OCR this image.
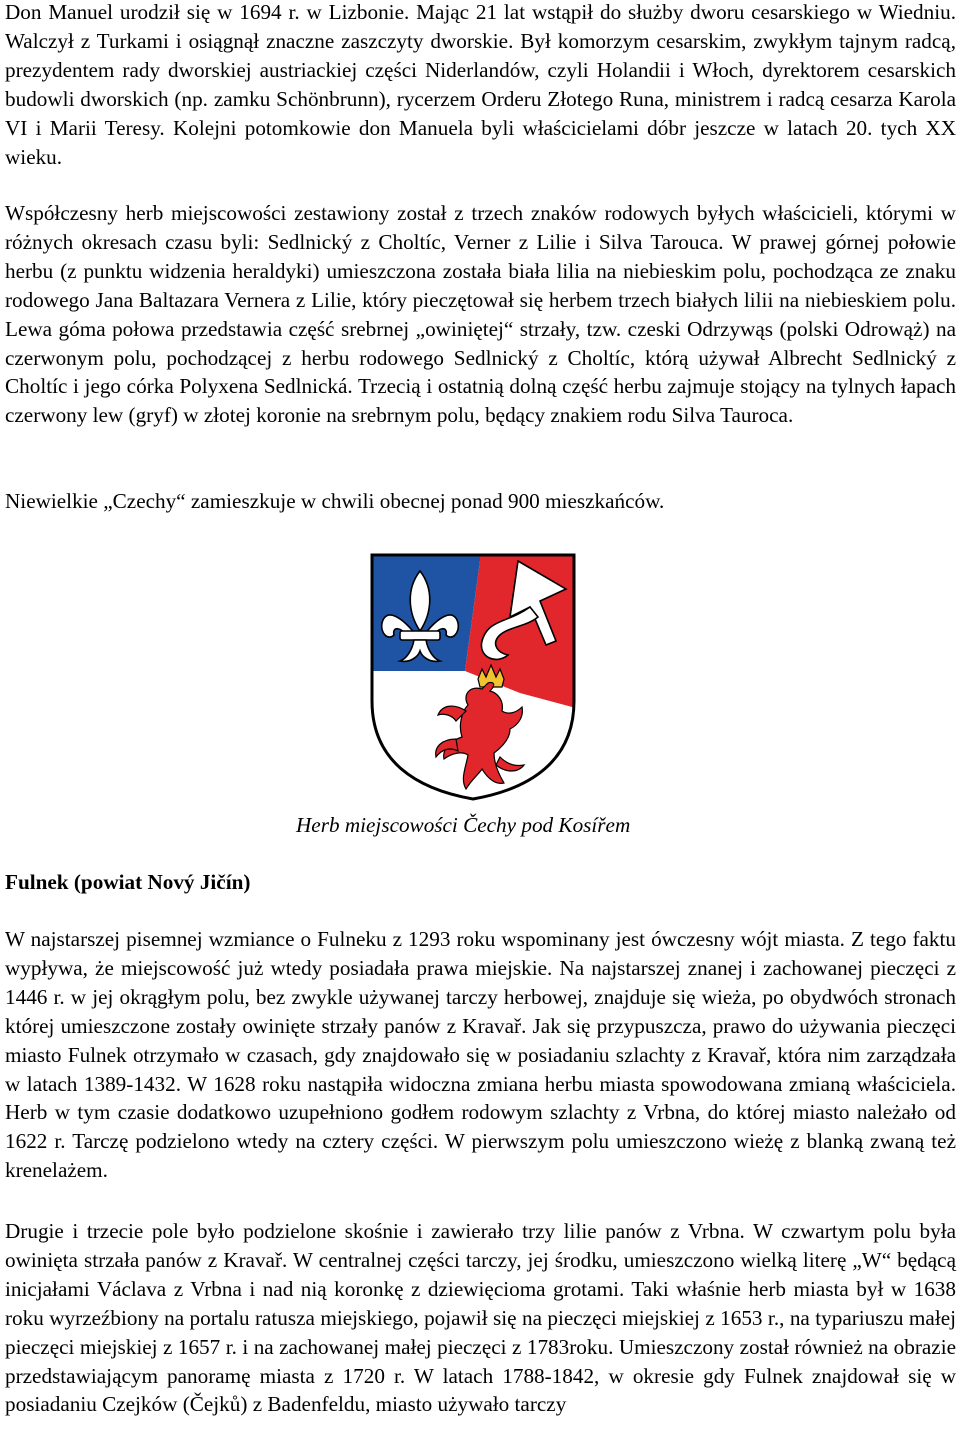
Don Manuel urodził się w 1694 r. w Lizbonie. Mając 21 lat wstąpił do służby dworu cesarskiego w Wiedniu. Walczył z Turkami i osiągnął znaczne zaszczyty dworskie. Był komorzym cesarskim, zwykłym tajnym radcą, prezydentem rady dworskiej austriackiej części Niderlandów, czyli Holandii i Włoch, dyrektorem cesarskich budowli dworskich (np. zamku Schönbrunn), rycerzem Orderu Złotego Runa, ministrem i radcą cesarza Karola VI i Marii Teresy. Kolejni potomkowie don Manuela byli właścicielami dóbr jeszcze w latach 20. tych XX wieku.

Współczesny herb miejscowości zestawiony został z trzech znaków rodowych byłych właścicieli, którymi w różnych okresach czasu byli: Sedlnický z Choltíc, Verner z Lilie i Silva Tarouca. W prawej górnej połowie herbu (z punktu widzenia heraldyki) umieszczona została biała lilia na niebieskim polu, pochodząca ze znaku rodowego Jana Baltazara Vernera z Lilie, który pieczętował się herbem trzech białych lilii na niebieskiem polu. Lewa góma połowa przedstawia część srebrnej „owiniętej“ strzały, tzw. czeski Odrzywąs (polski Odrowąż) na czerwonym polu, pochodzącej z herbu rodowego Sedlnický z Choltíc, którą używał Albrecht Sedlnický z Choltíc i jego córka Polyxena Sedlnická. Trzecią i ostatnią dolną część herbu zajmuje stojący na tylnych łapach czerwony lew (gryf) w złotej koronie na srebrnym polu, będący znakiem rodu Silva Tauroca.

Niewielkie „Czechy“ zamieszkuje w chwili obecnej ponad 900 mieszkańców.

Herb miejscowości Čechy pod Kosířem
Fulnek (powiat Nový Jičín)

W najstarszej pisemnej wzmiance o Fulneku z 1293 roku wspominany jest ówczesny wójt miasta. Z tego faktu wypływa, że miejscowość już wtedy posiadała prawa miejskie. Na najstarszej znanej i zachowanej pieczęci z 1446 r. w jej okrągłym polu, bez zwykle używanej tarczy herbowej, znajduje się wieża, po obydwóch stronach której umieszczone zostały owinięte strzały panów z Kravař. Jak się przypuszcza, prawo do używania pieczęci miasto Fulnek otrzymało w czasach, gdy znajdowało się w posiadaniu szlachty z Kravař, która nim zarządzała w latach 1389-1432. W 1628 roku nastąpiła widoczna zmiana herbu miasta spowodowana zmianą właściciela. Herb w tym czasie dodatkowo uzupełniono godłem rodowym szlachty z Vrbna, do której miasto należało od 1622 r. Tarczę podzielono wtedy na cztery części. W pierwszym polu umieszczono wieżę z blanką zwaną też krenelażem.

Drugie i trzecie pole było podzielone skośnie i zawierało trzy lilie panów z Vrbna. W czwartym polu była owinięta strzała panów z Kravař. W centralnej części tarczy, jej środku, umieszczono wielką literę „W“ będącą inicjałami Václava z Vrbna i nad nią koronkę z dziewięcioma grotami. Taki właśnie herb miasta był w 1638 roku wyrzeźbiony na portalu ratusza miejskiego, pojawił się na pieczęci miejskiej z 1653 r., na typariuszu małej pieczęci miejskiej z 1657 r. i na zachowanej małej pieczęci z 1783roku. Umieszczony został również na obrazie przedstawiającym panoramę miasta z 1720 r. W latach 1788-1842, w okresie gdy Fulnek znajdował się w posiadaniu Czejków (Čejků) z Badenfeldu, miasto używało tarczy
